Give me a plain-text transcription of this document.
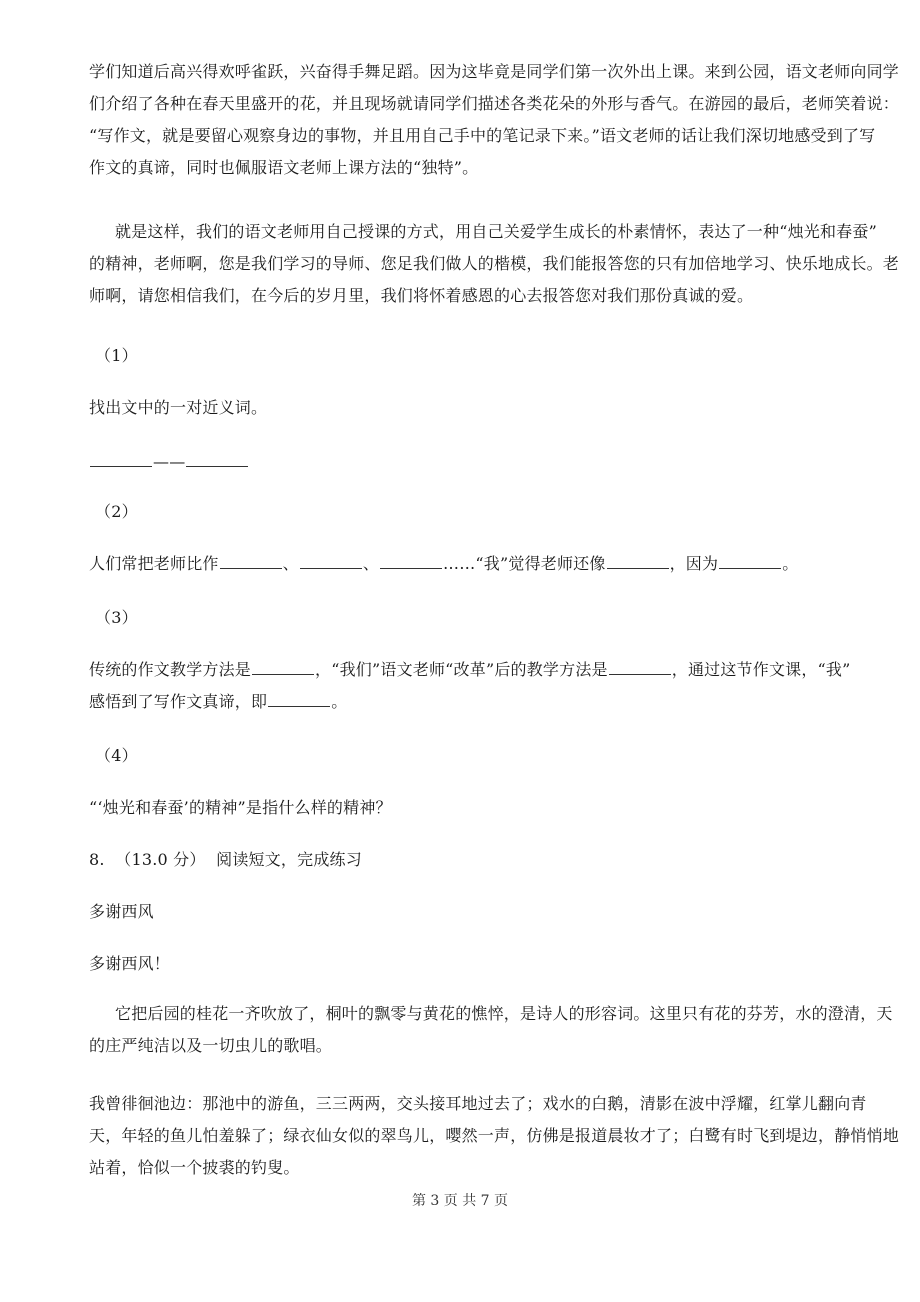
学们知道后高兴得欢呼雀跃，兴奋得手舞足蹈。因为这毕竟是同学们第一次外出上课。来到公园，语文老师向同学
们介绍了各种在春天里盛开的花，并且现场就请同学们描述各类花朵的外形与香气。在游园的最后，老师笑着说：
“写作文，就是要留心观察身边的事物，并且用自己手中的笔记录下来。”语文老师的话让我们深切地感受到了写
作文的真谛，同时也佩服语文老师上课方法的“独特”。
就是这样，我们的语文老师用自己授课的方式，用自己关爱学生成长的朴素情怀，表达了一种“烛光和春蚕”
的精神，老师啊，您是我们学习的导师、您足我们做人的楷模，我们能报答您的只有加倍地学习、快乐地成长。老
师啊，请您相信我们，在今后的岁月里，我们将怀着感恩的心去报答您对我们那份真诚的爱。
（1）
找出文中的一对近义词。
——
（2）
人们常把老师比作	、	、	……“我”觉得老师还像	，因为	。
（3）
传统的作文教学方法是	，“我们”语文老师“改革”后的教学方法是	，通过这节作文课，“我”
感悟到了写作文真谛，即	。
（4）
“‘烛光和春蚕’的精神”是指什么样的精神？
8.  （13.0 分）  阅读短文，完成练习
多谢西风
多谢西风！
它把后园的桂花一齐吹放了，桐叶的飘零与黄花的憔悴，是诗人的形容词。这里只有花的芬芳，水的澄清，天
的庄严纯洁以及一切虫儿的歌唱。
我曾徘徊池边：那池中的游鱼，三三两两，交头接耳地过去了；戏水的白鹅，清影在波中浮耀，红掌儿翻向青
天，年轻的鱼儿怕羞躲了；绿衣仙女似的翠鸟儿，嘤然一声，仿佛是报道晨妆才了；白鹭有时飞到堤边，静悄悄地
站着，恰似一个披裘的钓叟。
第 3 页 共 7 页
